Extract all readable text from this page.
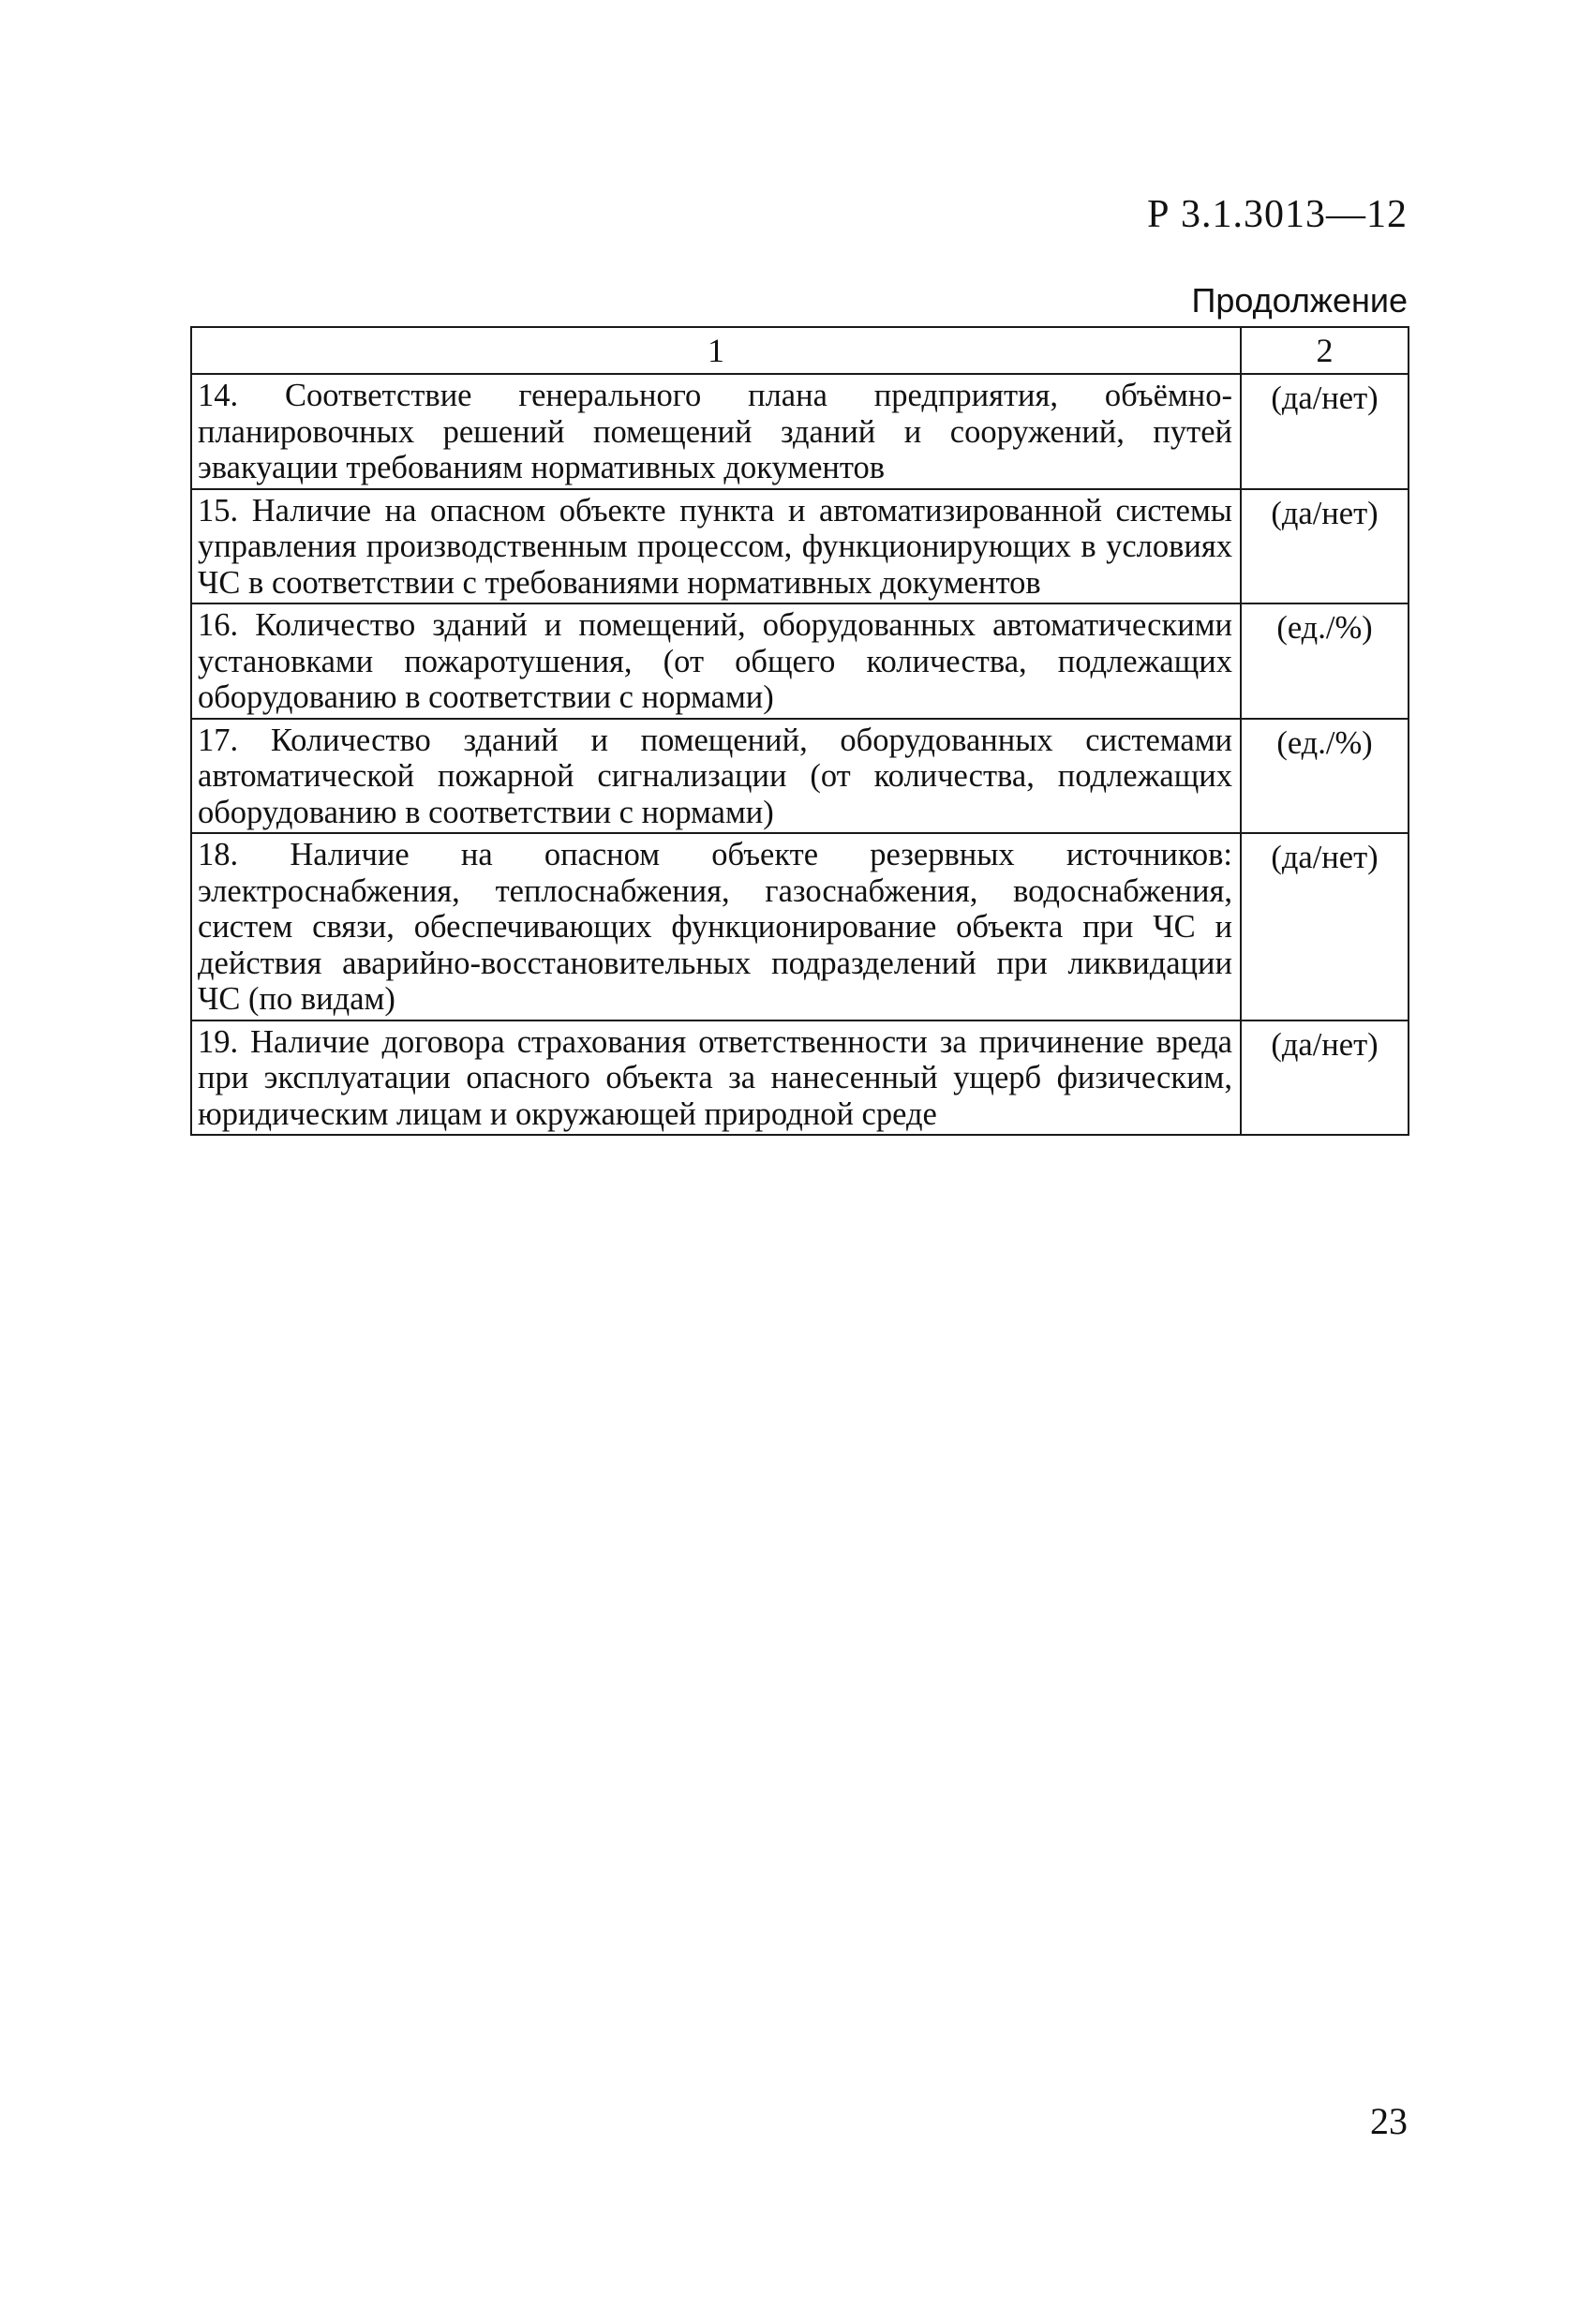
Р 3.1.3013—12
Продолжение
1	2
14. Соответствие генерального плана предприятия, объёмно-планировочных решений помещений зданий и сооружений, путей эвакуации требованиям нормативных документов	(да/нет)
15. Наличие на опасном объекте пункта и автоматизированной системы управления производственным процессом, функционирующих в условиях ЧС в соответствии с требованиями нормативных документов	(да/нет)
16. Количество зданий и помещений, оборудованных автоматическими установками пожаротушения, (от общего количества, подлежащих оборудованию в соответствии с нормами)	(ед./%)
17. Количество зданий и помещений, оборудованных системами автоматической пожарной сигнализации (от количества, подлежащих оборудованию в соответствии с нормами)	(ед./%)
18. Наличие на опасном объекте резервных источников: электроснабжения, теплоснабжения, газоснабжения, водоснабжения, систем связи, обеспечивающих функционирование объекта при ЧС и действия аварийно-восстановительных подразделений при ликвидации ЧС (по видам)	(да/нет)
19. Наличие договора страхования ответственности за причинение вреда при эксплуатации опасного объекта за нанесенный ущерб физическим, юридическим лицам и окружающей природной среде	(да/нет)
23
